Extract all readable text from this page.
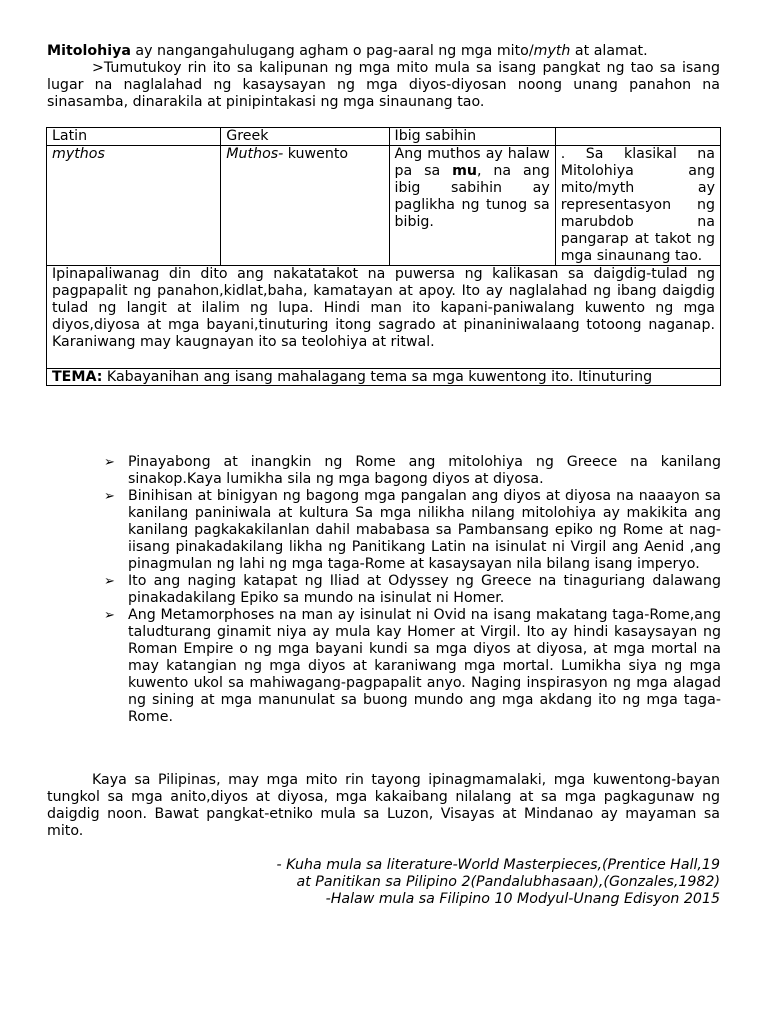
Mitolohiya ay nangangahulugang agham o pag-aaral ng mga mito/myth at alamat.

>Tumutukoy rin ito sa kalipunan ng mga mito mula sa isang pangkat ng tao sa isang lugar na naglalahad ng kasaysayan ng mga diyos-diyosan noong unang panahon na sinasamba, dinarakila at pinipintakasi ng mga sinaunang tao.

Latin	Greek	Ibig sabihin	
mythos	Muthos- kuwento	Ang muthos ay halaw pa sa mu, na ang ibig sabihin ay paglikha ng tunog sa bibig.	. Sa klasikal na Mitolohiya ang mito/myth ay representasyon ng marubdob na pangarap at takot ng mga sinaunang tao.
Ipinapaliwanag din dito ang nakatatakot na puwersa ng kalikasan sa daigdig-tulad ng pagpapalit ng panahon,kidlat,baha, kamatayan at apoy. Ito ay naglalahad ng ibang daigdig tulad ng langit at ilalim ng lupa. Hindi man ito kapani-paniwalang kuwento ng mga diyos,diyosa at mga bayani,tinuturing itong sagrado at pinaniniwalaang totoong naganap. Karaniwang may kaugnayan ito sa teolohiya at ritwal.			

TEMA: Kabayanihan ang isang mahalagang tema sa mga kuwentong ito. Itinuturing			
➢ Pinayabong at inangkin ng Rome ang mitolohiya ng Greece na kanilang sinakop.Kaya lumikha sila ng mga bagong diyos at diyosa.
➢ Binihisan at binigyan ng bagong mga pangalan ang diyos at diyosa na naaayon sa kanilang paniniwala at kultura Sa mga nilikha nilang mitolohiya ay makikita ang kanilang pagkakakilanlan dahil mababasa sa Pambansang epiko ng Rome at nag-iisang pinakadakilang likha ng Panitikang Latin na isinulat ni Virgil ang Aenid ,ang pinagmulan ng lahi ng mga taga-Rome at kasaysayan nila bilang isang imperyo.
➢ Ito ang naging katapat ng Iliad at Odyssey ng Greece na tinaguriang dalawang pinakadakilang Epiko sa mundo na isinulat ni Homer.
➢ Ang Metamorphoses na man ay isinulat ni Ovid na isang makatang taga-Rome,ang taludturang ginamit niya ay mula kay Homer at Virgil. Ito ay hindi kasaysayan ng Roman Empire o ng mga bayani kundi sa mga diyos at diyosa, at mga mortal na may katangian ng mga diyos at karaniwang mga mortal. Lumikha siya ng mga kuwento ukol sa mahiwagang-pagpapalit anyo. Naging inspirasyon ng mga alagad ng sining at mga manunulat sa buong mundo ang mga akdang ito ng mga taga-Rome.

Kaya sa Pilipinas, may mga mito rin tayong ipinagmamalaki, mga kuwentong-bayan tungkol sa mga anito,diyos at diyosa, mga kakaibang nilalang at sa mga pagkagunaw ng daigdig noon. Bawat pangkat-etniko mula sa Luzon, Visayas at Mindanao ay mayaman sa mito.

- Kuha mula sa literature-World Masterpieces,(Prentice Hall,19
at Panitikan sa Pilipino 2(Pandalubhasaan),(Gonzales,1982)
-Halaw mula sa Filipino 10 Modyul-Unang Edisyon 2015
